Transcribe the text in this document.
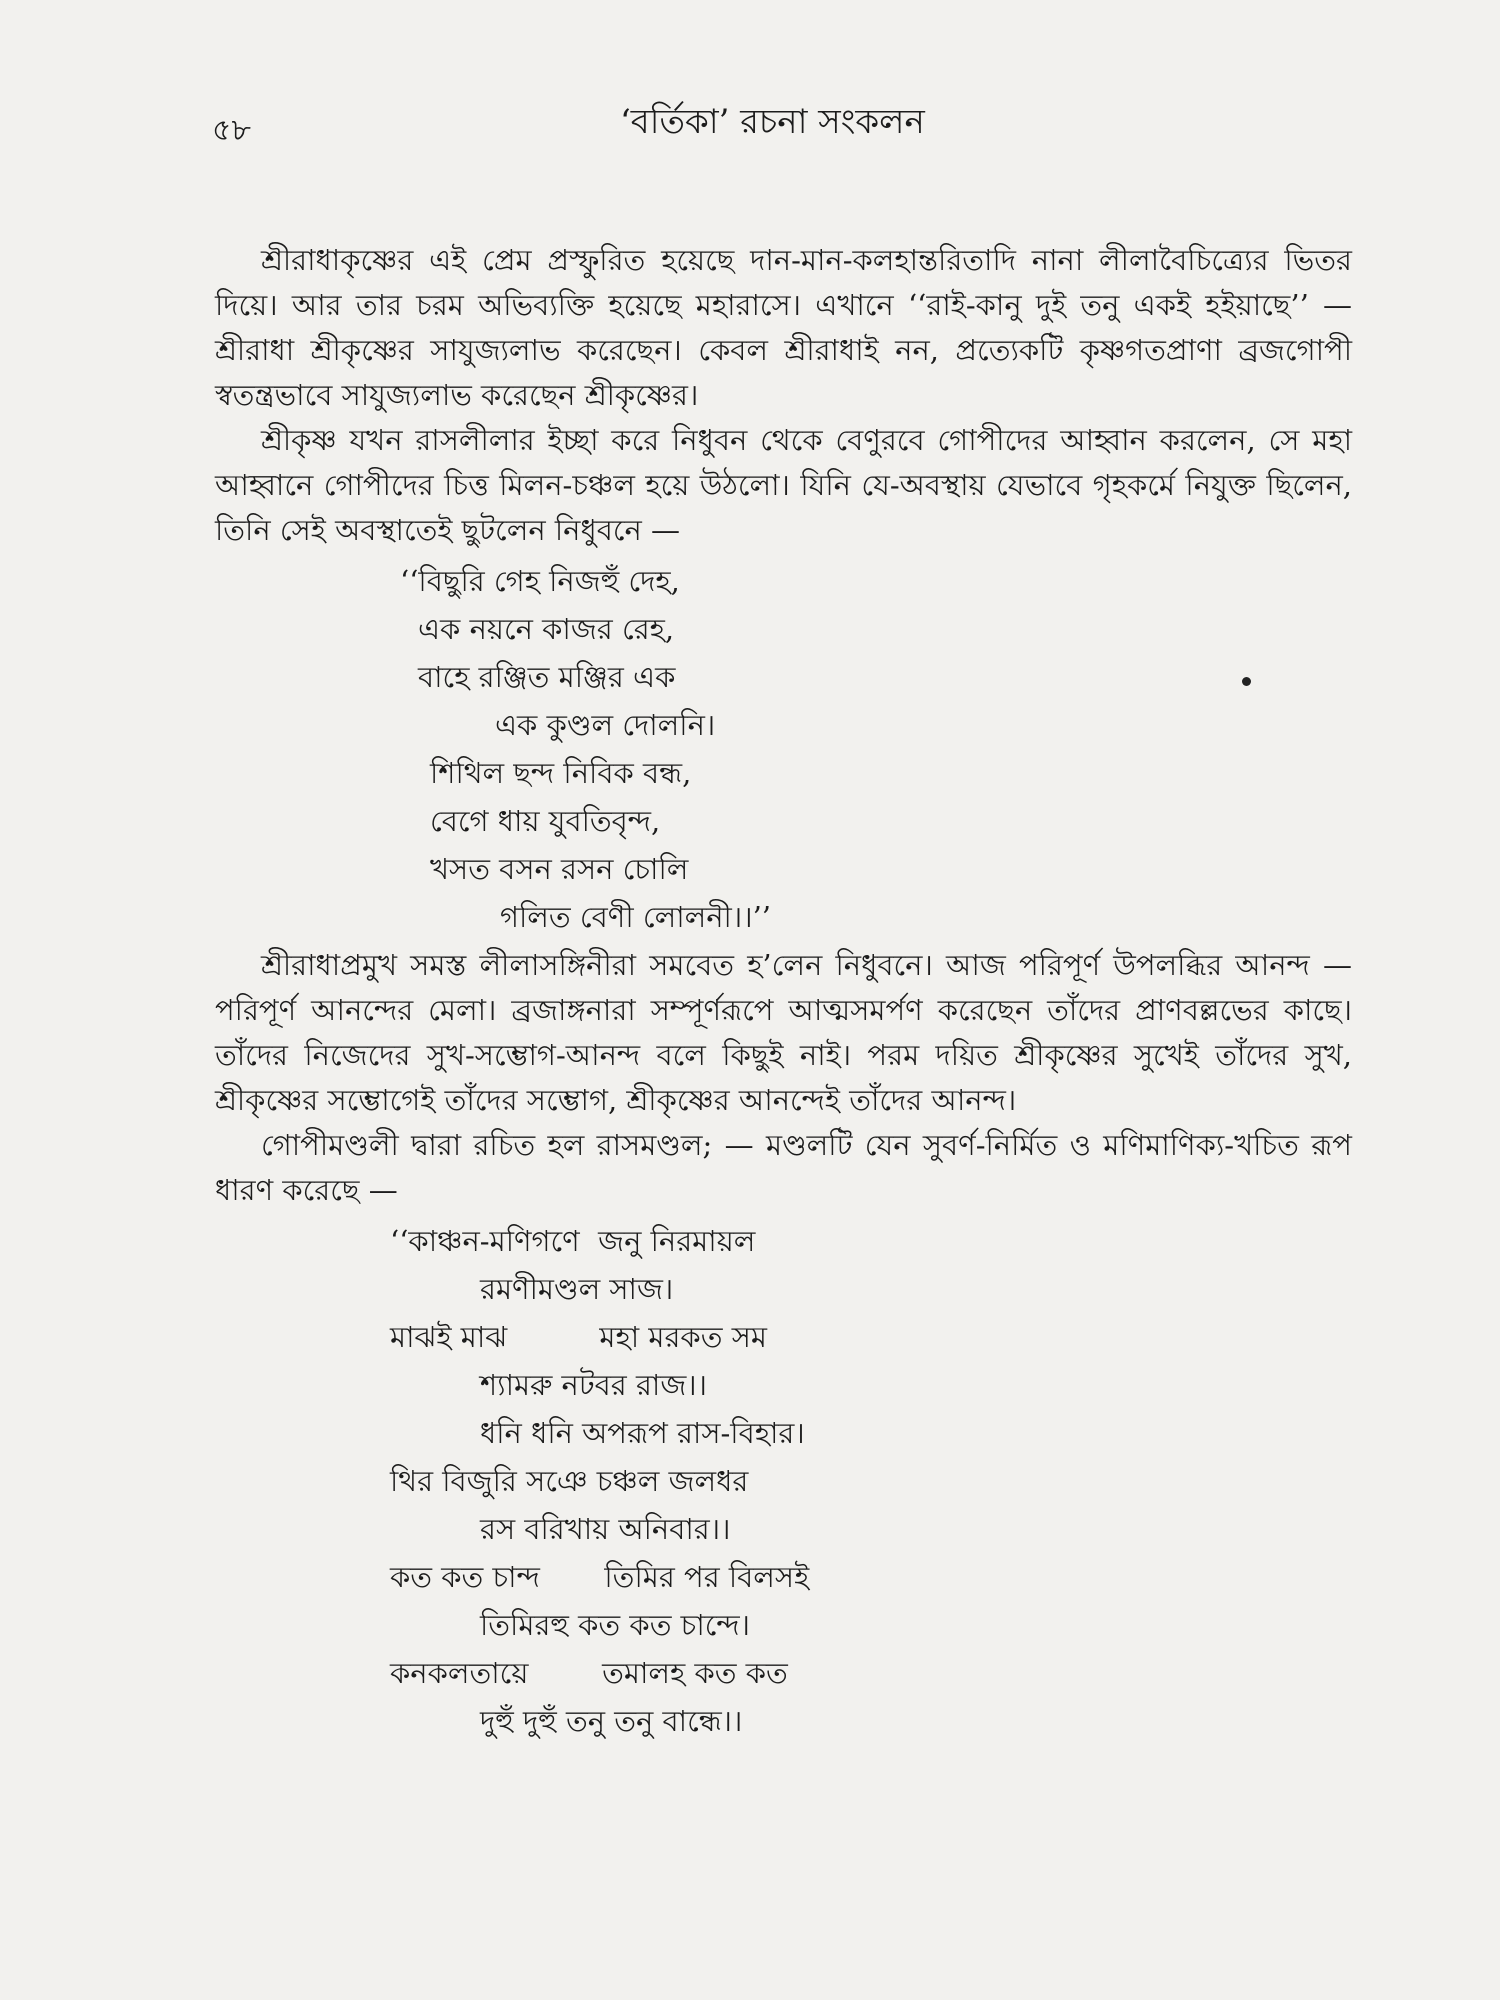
৫৮	‘বর্তিকা’ রচনা সংকলন

শ্রীরাধাকৃষ্ণের এই প্রেম প্রস্ফুরিত হয়েছে দান-মান-কলহান্তরিতাদি নানা লীলাবৈচিত্র্যের ভিতর দিয়ে। আর তার চরম অভিব্যক্তি হয়েছে মহারাসে। এখানে ‘‘রাই-কানু দুই তনু একই হইয়াছে’’ — শ্রীরাধা শ্রীকৃষ্ণের সাযুজ্যলাভ করেছেন। কেবল শ্রীরাধাই নন, প্রত্যেকটি কৃষ্ণগতপ্রাণা ব্রজগোপী স্বতন্ত্রভাবে সাযুজ্যলাভ করেছেন শ্রীকৃষ্ণের।

শ্রীকৃষ্ণ যখন রাসলীলার ইচ্ছা করে নিধুবন থেকে বেণুরবে গোপীদের আহ্বান করলেন, সে মহা আহ্বানে গোপীদের চিত্ত মিলন-চঞ্চল হয়ে উঠলো। যিনি যে-অবস্থায় যেভাবে গৃহকর্মে নিযুক্ত ছিলেন, তিনি সেই অবস্থাতেই ছুটলেন নিধুবনে —

‘‘বিছুরি গেহ নিজহুঁ দেহ,
এক নয়নে কাজর রেহ,
বাহে রঞ্জিত মঞ্জির এক
এক কুণ্ডল দোলনি।
শিথিল ছন্দ নিবিক বন্ধ,
বেগে ধায় যুবতিবৃন্দ,
খসত বসন রসন চোলি
গলিত বেণী লোলনী।।’’

শ্রীরাধাপ্রমুখ সমস্ত লীলাসঙ্গিনীরা সমবেত হ’লেন নিধুবনে। আজ পরিপূর্ণ উপলব্ধির আনন্দ —পরিপূর্ণ আনন্দের মেলা। ব্রজাঙ্গনারা সম্পূর্ণরূপে আত্মসমর্পণ করেছেন তাঁদের প্রাণবল্লভের কাছে। তাঁদের নিজেদের সুখ-সম্ভোগ-আনন্দ বলে কিছুই নাই। পরম দয়িত শ্রীকৃষ্ণের সুখেই তাঁদের সুখ, শ্রীকৃষ্ণের সম্ভোগেই তাঁদের সম্ভোগ, শ্রীকৃষ্ণের আনন্দেই তাঁদের আনন্দ।

গোপীমণ্ডলী দ্বারা রচিত হল রাসমণ্ডল; — মণ্ডলটি যেন সুবর্ণ-নির্মিত ও মণিমাণিক্য-খচিত রূপ ধারণ করেছে —

‘‘কাঞ্চন-মণিগণে  জনু নিরমায়ল
রমণীমণ্ডল সাজ।
মাঝই মাঝ          মহা মরকত সম
শ্যামরু নটবর রাজ।।
ধনি ধনি অপরূপ রাস-বিহার।
থির বিজুরি সঞে চঞ্চল জলধর
রস বরিখায় অনিবার।।
কত কত চান্দ       তিমির পর বিলসই
তিমিরহু কত কত চান্দে।
কনকলতায়ে        তমালহ কত কত
দুহুঁ দুহুঁ তনু তনু বান্ধে।।
